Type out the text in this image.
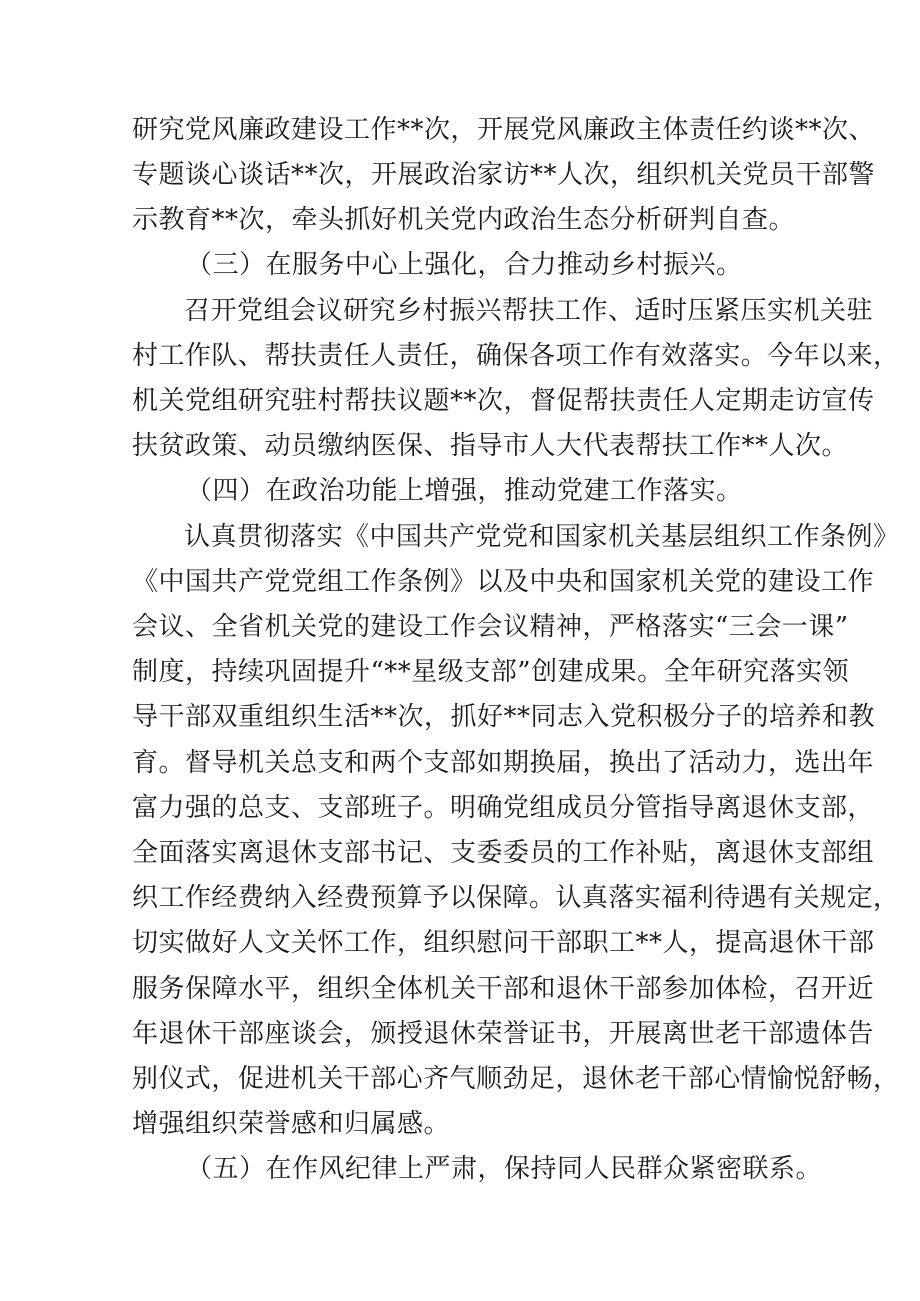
研究党风廉政建设工作**次，开展党风廉政主体责任约谈**次、
专题谈心谈话**次，开展政治家访**人次，组织机关党员干部警
示教育**次，牵头抓好机关党内政治生态分析研判自查。
（三）在服务中心上强化，合力推动乡村振兴。
召开党组会议研究乡村振兴帮扶工作、适时压紧压实机关驻
村工作队、帮扶责任人责任，确保各项工作有效落实。今年以来，
机关党组研究驻村帮扶议题**次，督促帮扶责任人定期走访宣传
扶贫政策、动员缴纳医保、指导市人大代表帮扶工作**人次。
（四）在政治功能上增强，推动党建工作落实。
认真贯彻落实《中国共产党党和国家机关基层组织工作条例》
《中国共产党党组工作条例》以及中央和国家机关党的建设工作
会议、全省机关党的建设工作会议精神，严格落实“三会一课”
制度，持续巩固提升“**星级支部”创建成果。全年研究落实领
导干部双重组织生活**次，抓好**同志入党积极分子的培养和教
育。督导机关总支和两个支部如期换届，换出了活动力，选出年
富力强的总支、支部班子。明确党组成员分管指导离退休支部，
全面落实离退休支部书记、支委委员的工作补贴，离退休支部组
织工作经费纳入经费预算予以保障。认真落实福利待遇有关规定，
切实做好人文关怀工作，组织慰问干部职工**人，提高退休干部
服务保障水平，组织全体机关干部和退休干部参加体检，召开近
年退休干部座谈会，颁授退休荣誉证书，开展离世老干部遗体告
别仪式，促进机关干部心齐气顺劲足，退休老干部心情愉悦舒畅，
增强组织荣誉感和归属感。
（五）在作风纪律上严肃，保持同人民群众紧密联系。
